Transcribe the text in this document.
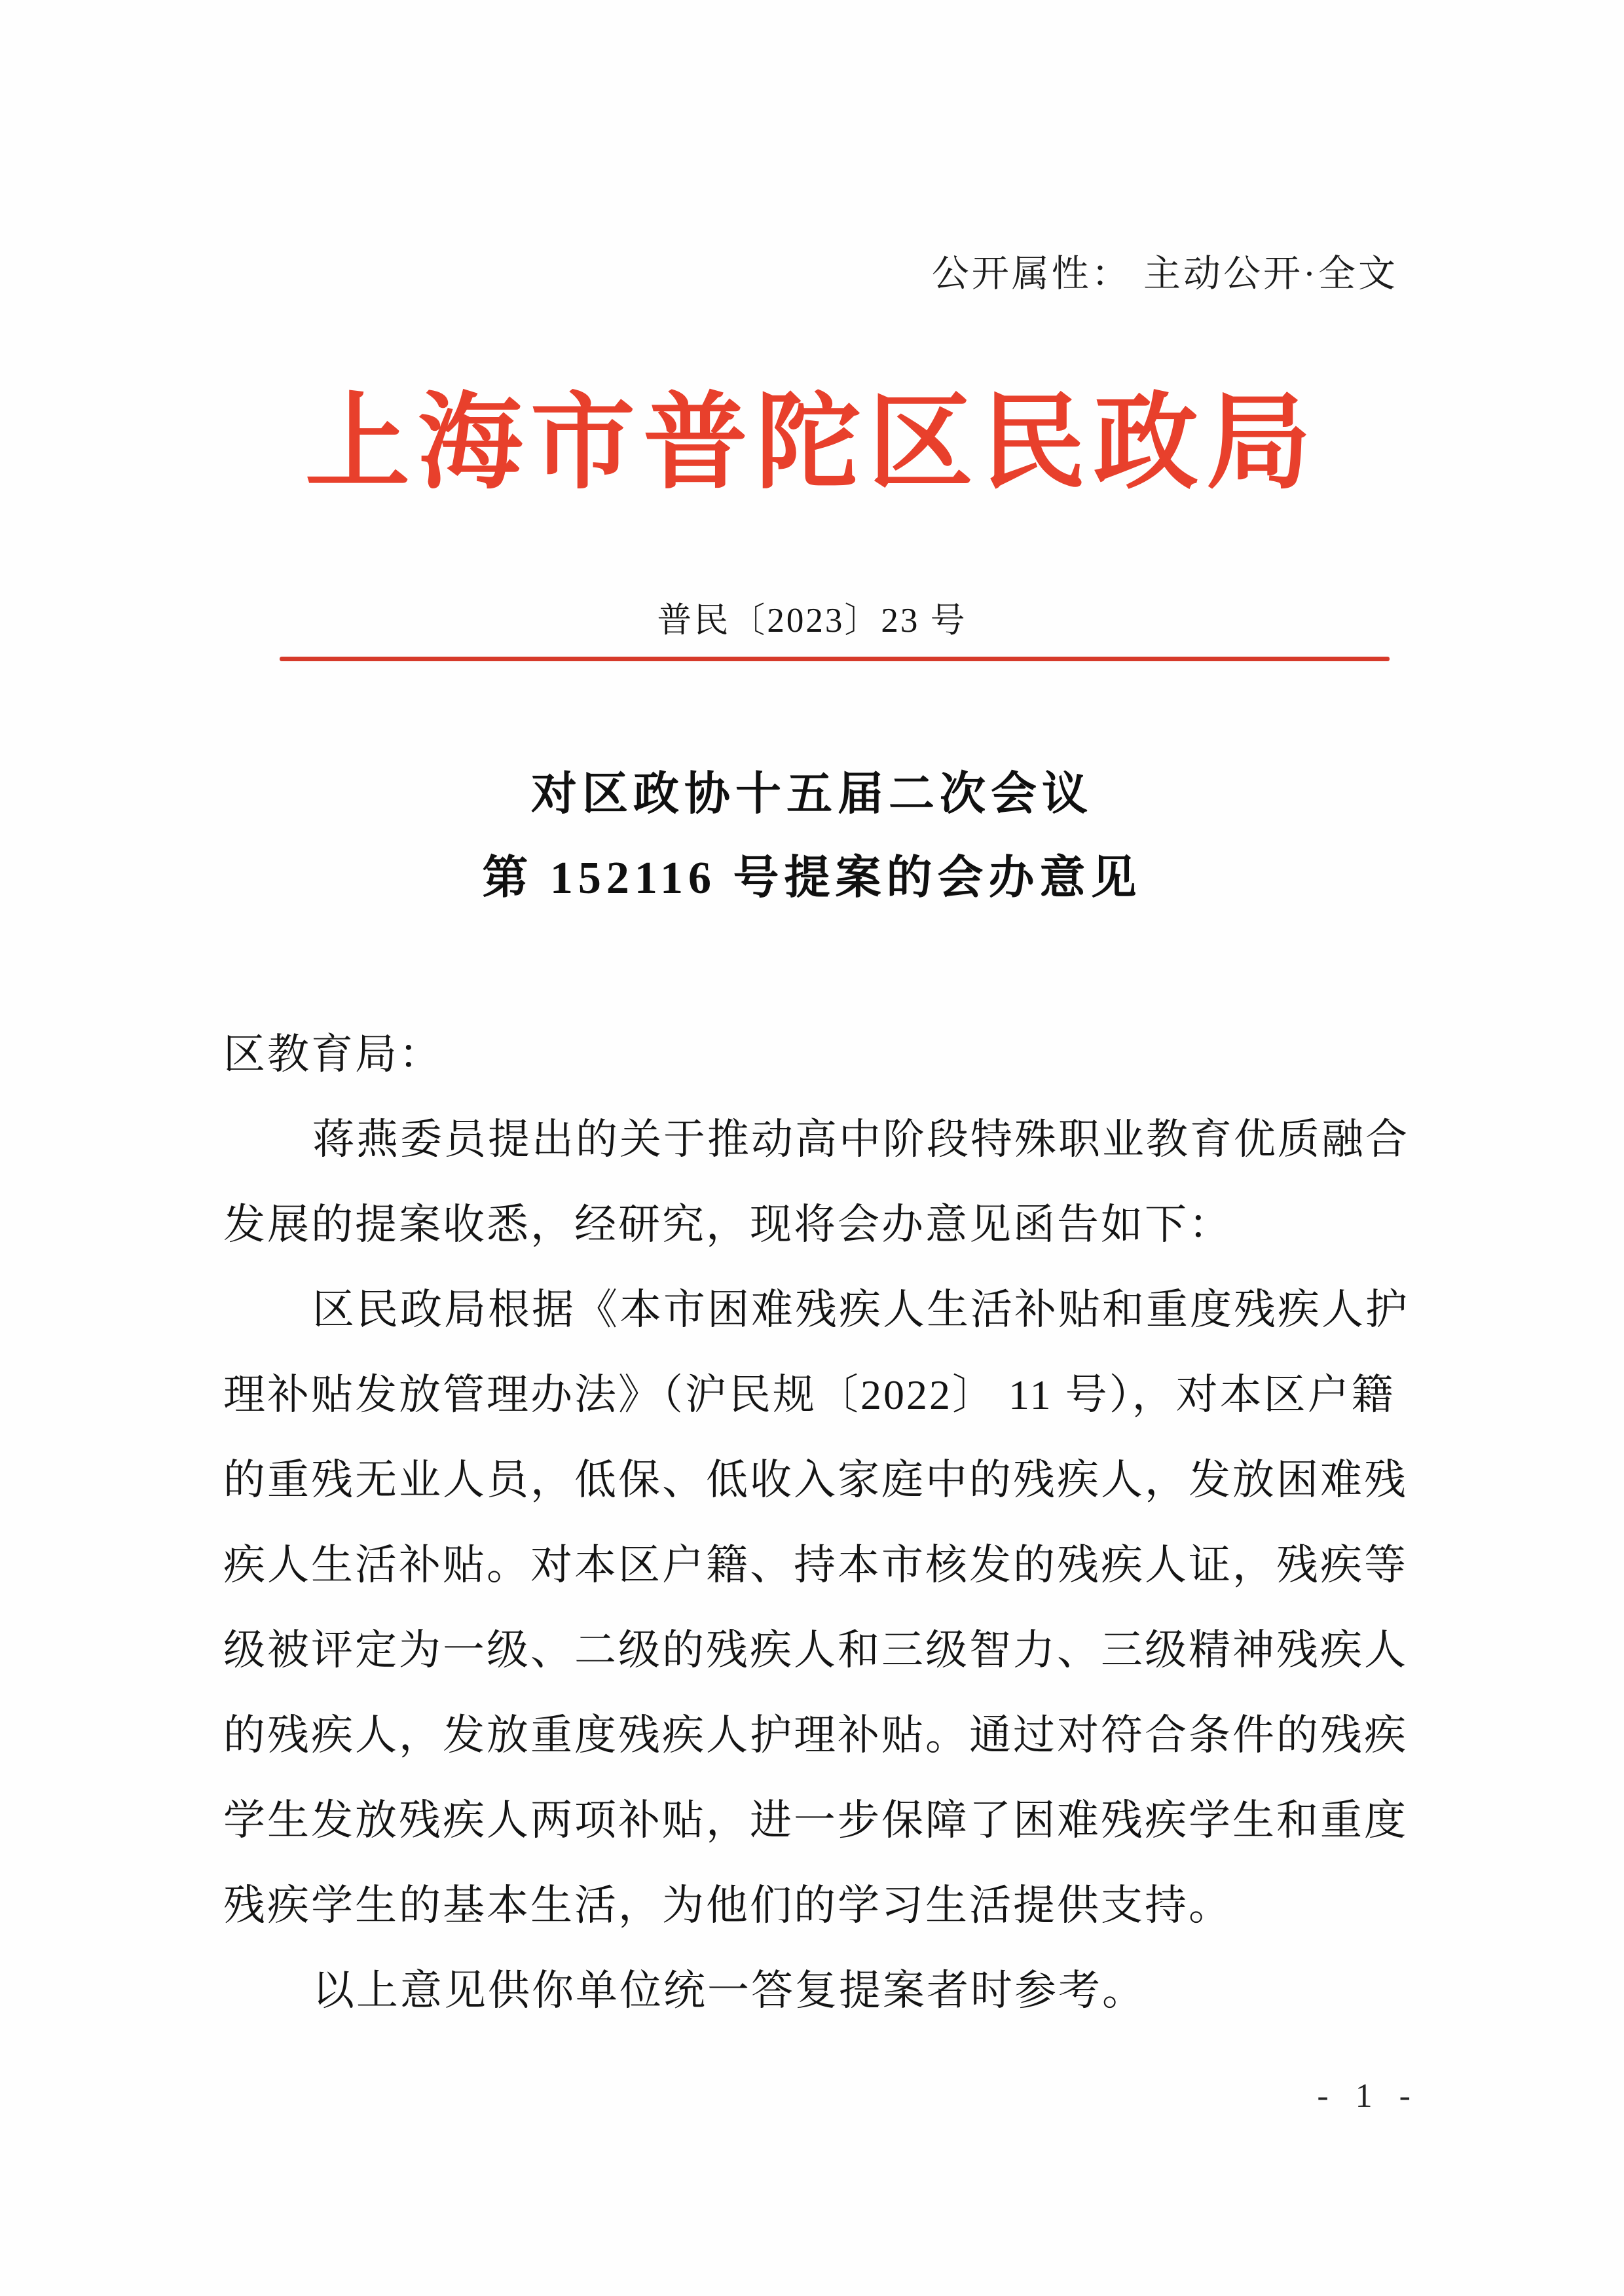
公开属性： 主动公开·全文
上海市普陀区民政局
普民〔2023〕23 号
对区政协十五届二次会议
第 152116 号提案的会办意见
区教育局：
蒋燕委员提出的关于推动高中阶段特殊职业教育优质融合
发展的提案收悉，经研究，现将会办意见函告如下：
区民政局根据《本市困难残疾人生活补贴和重度残疾人护
理补贴发放管理办法》（沪民规〔2022〕 11 号），对本区户籍
的重残无业人员，低保、低收入家庭中的残疾人，发放困难残
疾人生活补贴。对本区户籍、持本市核发的残疾人证，残疾等
级被评定为一级、二级的残疾人和三级智力、三级精神残疾人
的残疾人，发放重度残疾人护理补贴。通过对符合条件的残疾
学生发放残疾人两项补贴，进一步保障了困难残疾学生和重度
残疾学生的基本生活，为他们的学习生活提供支持。
以上意见供你单位统一答复提案者时参考。
- 1 -
